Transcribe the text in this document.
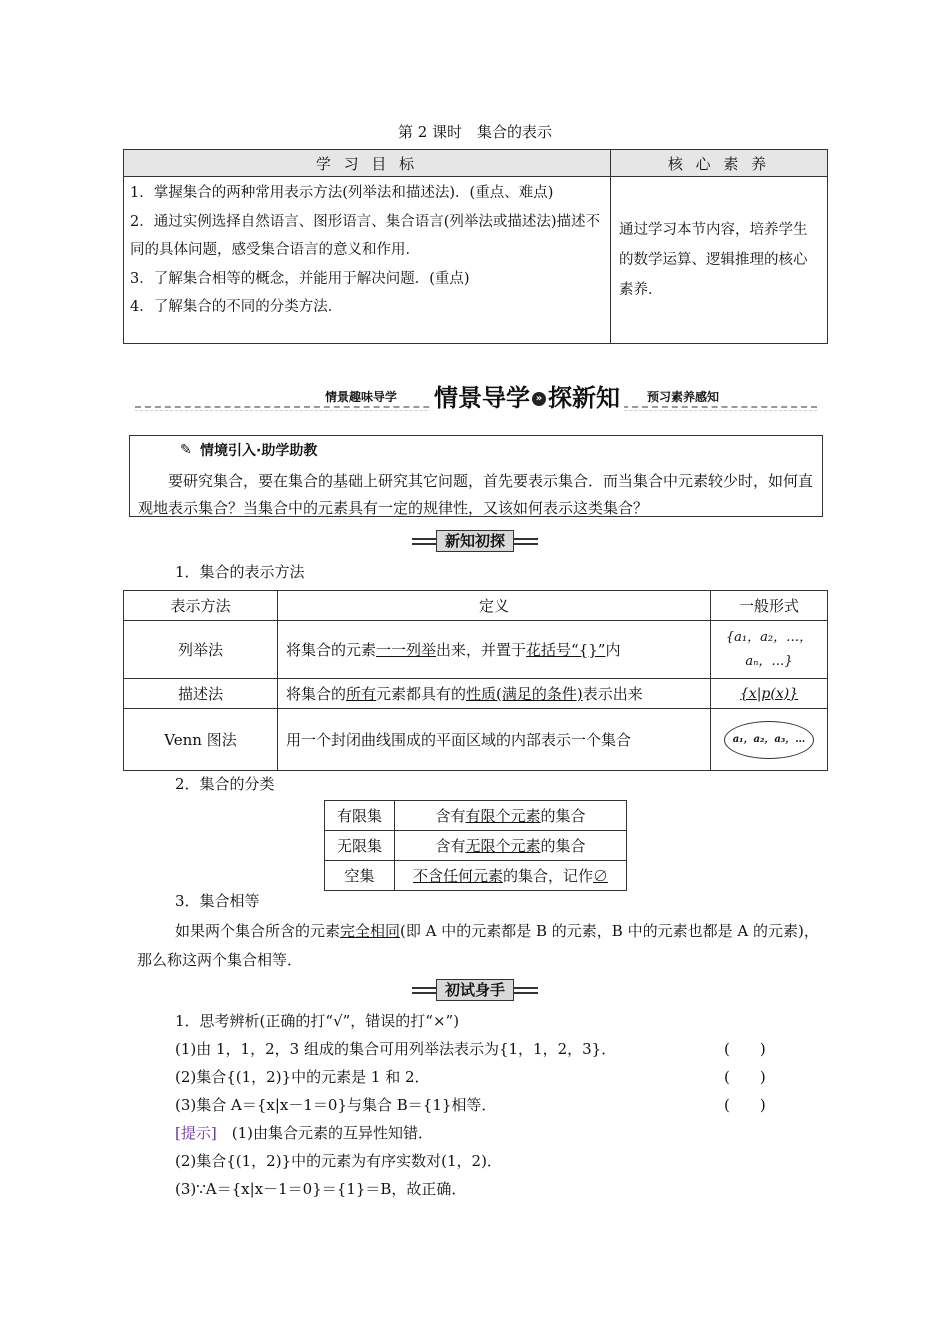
第 2 课时　集合的表示
学 习 目 标	核 心 素 养

1．掌握集合的两种常用表示方法(列举法和描述法)．(重点、难点)
2．通过实例选择自然语言、图形语言、集合语言(列举法或描述法)描述不同的具体问题，感受集合语言的意义和作用．
3．了解集合相等的概念，并能用于解决问题．(重点)
4．了解集合的不同的分类方法．	通过学习本节内容，培养学生的数学运算、逻辑推理的核心素养．
情景趣味导学 情景导学 » 探新知	预习素养感知
✎ 情境引入·助学助教
要研究集合，要在集合的基础上研究其它问题，首先要表示集合．而当集合中元素较少时，如何直观地表示集合？当集合中的元素具有一定的规律性，又该如何表示这类集合？
新知初探
1．集合的表示方法
表示方法	定义	一般形式
列举法	将集合的元素一一列举出来，并置于花括号“{}”内	{a₁，a₂，…，aₙ，…}
描述法	将集合的所有元素都具有的性质(满足的条件)表示出来	{x|p(x)}
Venn 图法	用一个封闭曲线围成的平面区域的内部表示一个集合	a₁，a₂，a₃，…
2．集合的分类
有限集	含有有限个元素的集合
无限集	含有无限个元素的集合
空集	不含任何元素的集合，记作∅
3．集合相等
如果两个集合所含的元素完全相同(即 A 中的元素都是 B 的元素，B 中的元素也都是 A 的元素)，那么称这两个集合相等．
初试身手
1．思考辨析(正确的打“√”，错误的打“×”)
(1)由 1，1，2，3 组成的集合可用列举法表示为{1，1，2，3}．	(　　)
(2)集合{(1，2)}中的元素是 1 和 2．	(　　)
(3)集合 A＝{x|x－1＝0}与集合 B＝{1}相等．	(　　)
[提示]　 (1)由集合元素的互异性知错．
(2)集合{(1，2)}中的元素为有序实数对(1，2)．
(3)∵A＝{x|x－1＝0}＝{1}＝B，故正确．
